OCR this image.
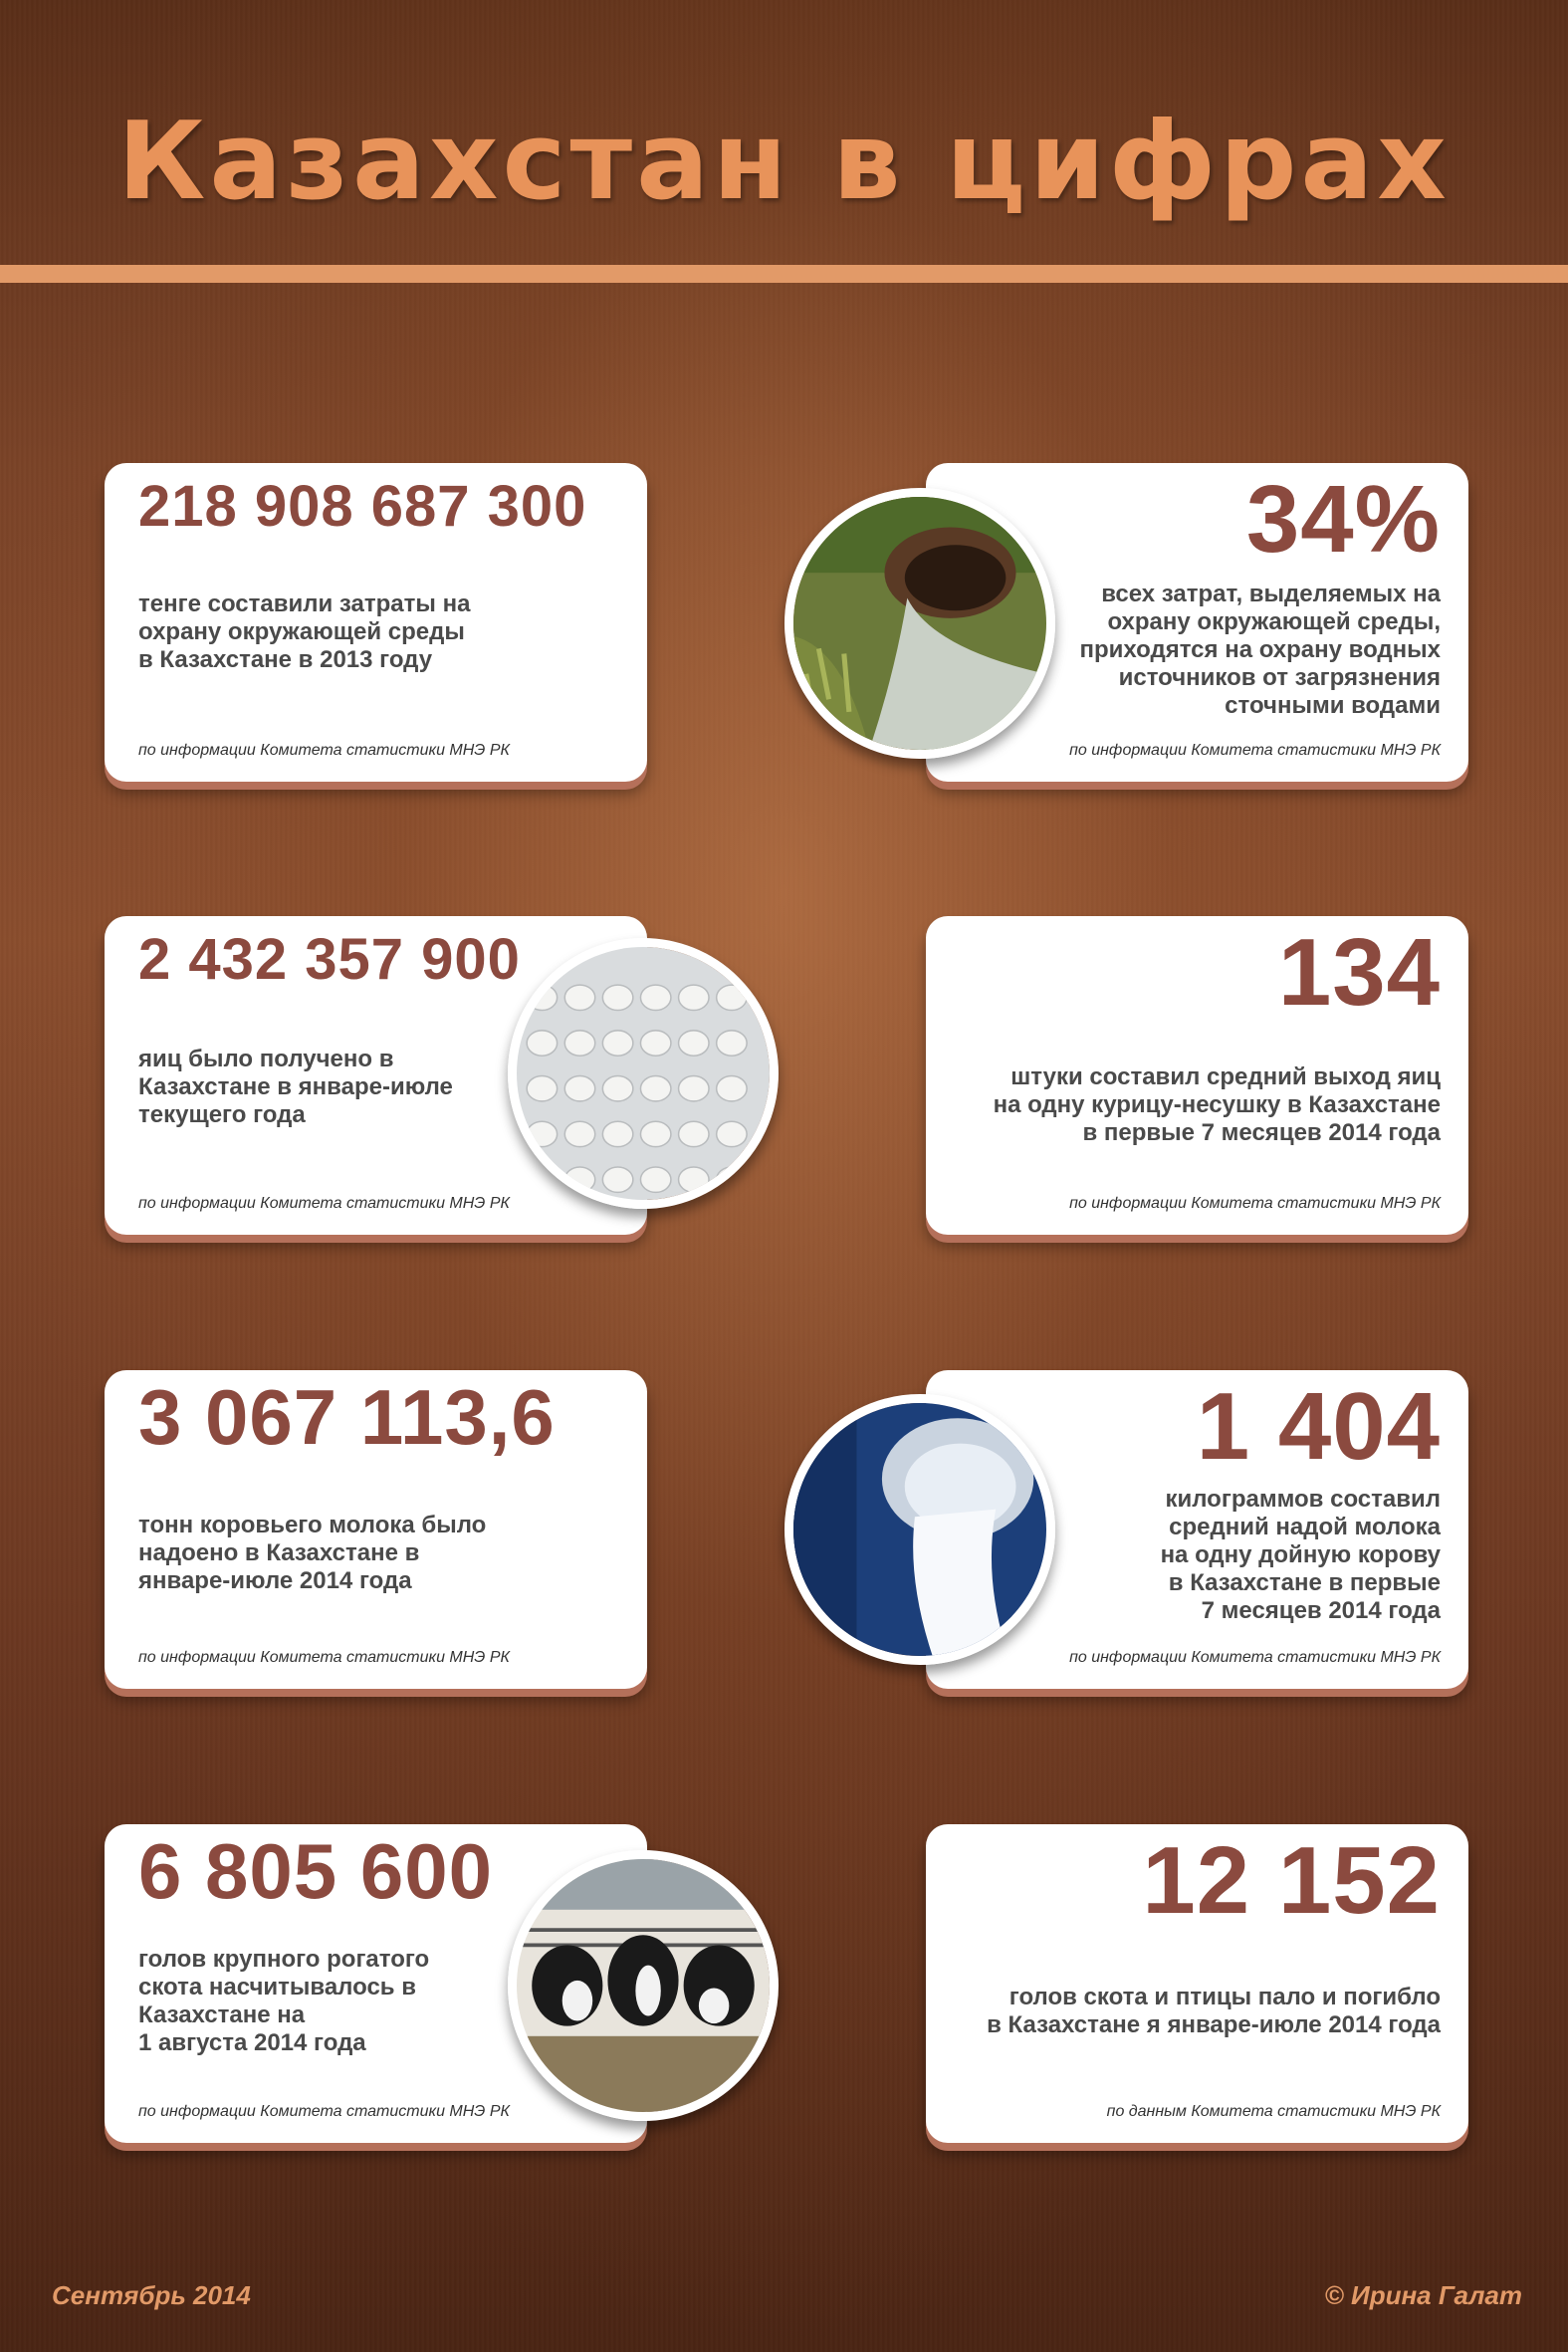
Казахстан в цифрах
218 908 687 300
тенге составили затраты на
охрану окружающей среды
в Казахстане в 2013 году
по информации Комитета статистики МНЭ РК
34%
всех затрат, выделяемых на
охрану окружающей среды,
приходятся на охрану водных
источников от загрязнения
сточными водами
по информации Комитета статистики МНЭ РК
2 432 357 900
яиц было получено в
Казахстане в январе-июле
текущего года
по информации Комитета статистики МНЭ РК
134
штуки составил средний выход яиц
на одну курицу-несушку в Казахстане
в первые 7 месяцев 2014 года
по информации Комитета статистики МНЭ РК
3 067 113,6
тонн коровьего молока было
надоено в Казахстане в
январе-июле 2014 года
по информации Комитета статистики МНЭ РК
1 404
килограммов составил
средний надой молока
на одну дойную корову
в Казахстане в первые
7 месяцев 2014 года
по информации Комитета статистики МНЭ РК
6 805 600
голов крупного рогатого
скота насчитывалось в
Казахстане на
1 августа 2014 года
по информации Комитета статистики МНЭ РК
12 152
голов скота и птицы пало и погибло
в Казахстане я январе-июле 2014 года
по данным Комитета статистики МНЭ РК
Сентябрь 2014	© Ирина Галат
